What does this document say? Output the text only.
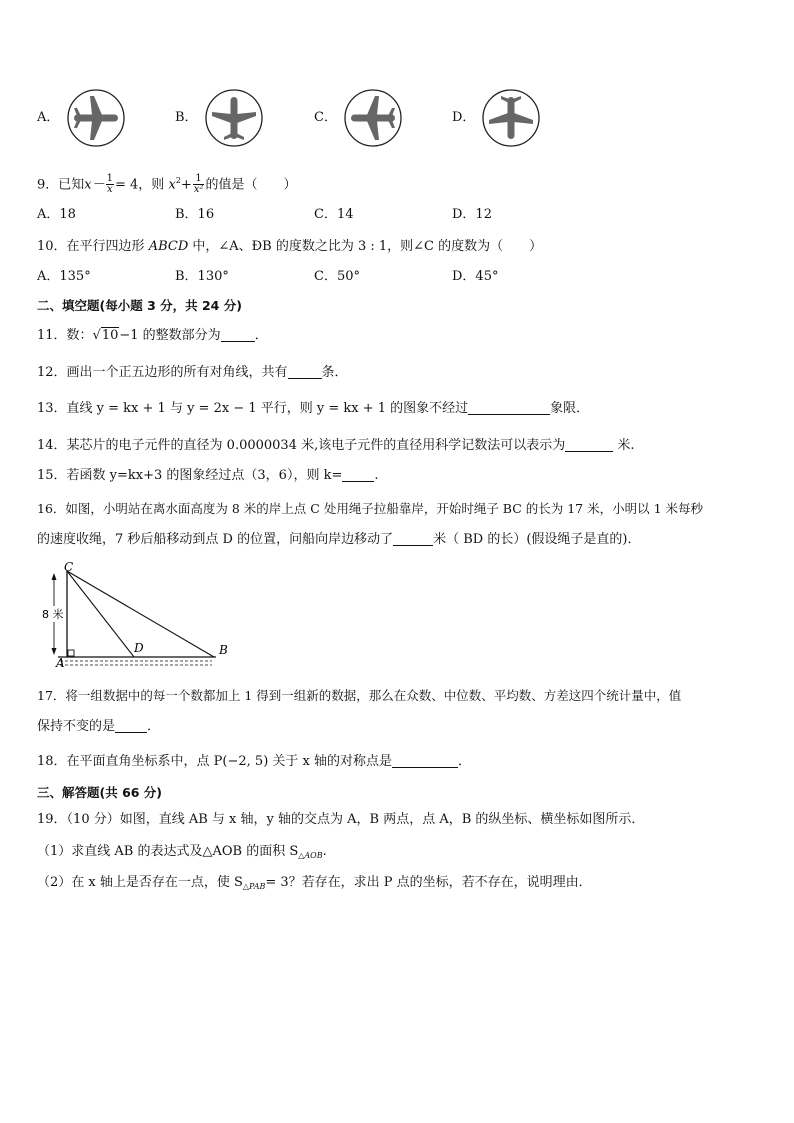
A．	B．	C．	D．
9．已知$x- \frac{1}{x} = 4$，则 $x^2+ \frac{1}{\text{x²}}$ 的值是（　　）
A．18	B．16	C．14	D．12
10．在平行四边形 ABCD 中，∠A、ÐB 的度数之比为 3 : 1，则∠C 的度数为（　　）
A．135°	B．130°	C．50°	D．45°
二、填空题(每小题 3 分，共 24 分)
11．数：√10−1 的整数部分为	．
12．画出一个正五边形的所有对角线，共有	条．
13．直线 y = kx + 1 与 y = 2x − 1 平行，则 y = kx + 1 的图象不经过	象限．
14．某芯片的电子元件的直径为 0.0000034 米,该电子元件的直径用科学记数法可以表示为	米.
15．若函数 y=kx+3 的图象经过点（3，6），则 k= .
16．如图，小明站在离水面高度为 8 米的岸上点 C 处用绳子拉船靠岸，开始时绳子 BC 的长为 17 米，小明以 1 米每秒
的速度收绳，7 秒后船移动到点 D 的位置，问船向岸边移动了	米（ BD 的长）(假设绳子是直的)．
8 米
C
D	B
A
17．将一组数据中的每一个数都加上 1 得到一组新的数据，那么在众数、中位数、平均数、方差这四个统计量中，值
保持不变的是 ．
18．在平面直角坐标系中，点 P(−2, 5) 关于 x 轴的对称点是	．
三、解答题(共 66 分)
19．（10 分）如图，直线 AB 与 x 轴，y 轴的交点为 A，B 两点，点 A，B 的纵坐标、横坐标如图所示．
（1）求直线 AB 的表达式及△AOB 的面积 $S_{\triangle AOB}$.
（2）在 x 轴上是否存在一点，使 $S_{\triangle PAB}= 3$？若存在，求出 P 点的坐标，若不存在，说明理由．
